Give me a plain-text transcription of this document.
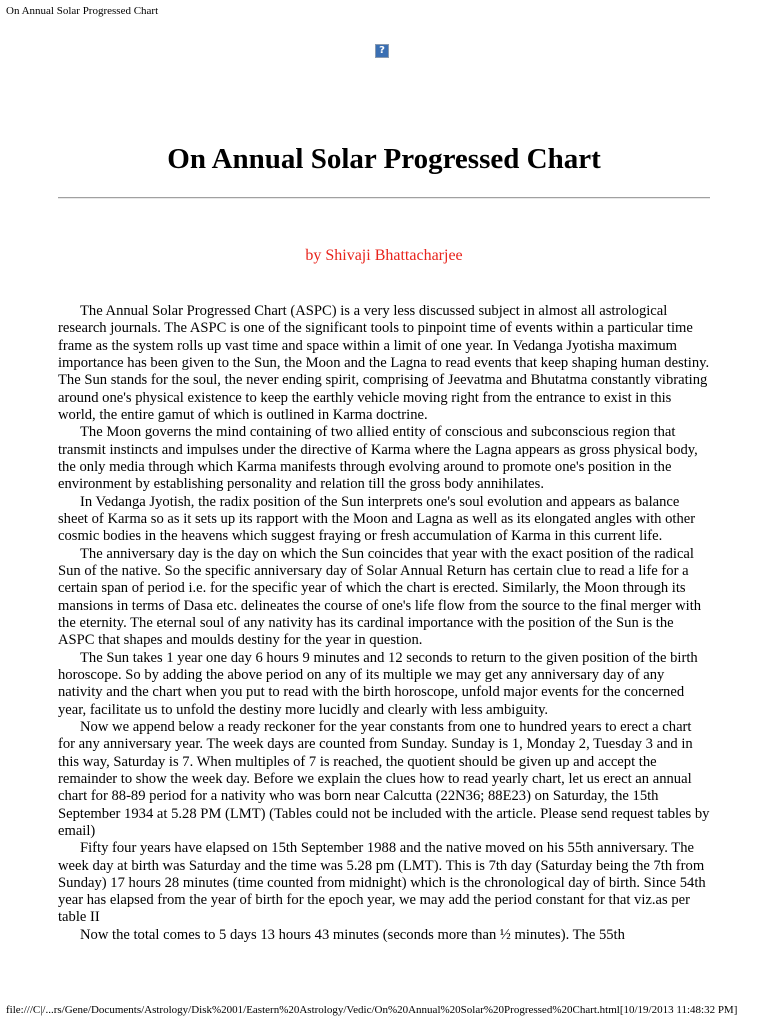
On Annual Solar Progressed Chart
?
On Annual Solar Progressed Chart
by Shivaji Bhattacharjee

The Annual Solar Progressed Chart (ASPC) is a very less discussed subject in almost all astrological research journals. The ASPC is one of the significant tools to pinpoint time of events within a particular time frame as the system rolls up vast time and space within a limit of one year. In Vedanga Jyotisha maximum importance has been given to the Sun, the Moon and the Lagna to read events that keep shaping human destiny. The Sun stands for the soul, the never ending spirit, comprising of Jeevatma and Bhutatma constantly vibrating around one's physical existence to keep the earthly vehicle moving right from the entrance to exist in this world, the entire gamut of which is outlined in Karma doctrine.

The Moon governs the mind containing of two allied entity of conscious and subconscious region that transmit instincts and impulses under the directive of Karma where the Lagna appears as gross physical body, the only media through which Karma manifests through evolving around to promote one's position in the environment by establishing personality and relation till the gross body annihilates.

In Vedanga Jyotish, the radix position of the Sun interprets one's soul evolution and appears as balance sheet of Karma so as it sets up its rapport with the Moon and Lagna as well as its elongated angles with other cosmic bodies in the heavens which suggest fraying or fresh accumulation of Karma in this current life.

The anniversary day is the day on which the Sun coincides that year with the exact position of the radical Sun of the native. So the specific anniversary day of Solar Annual Return has certain clue to read a life for a certain span of period i.e. for the specific year of which the chart is erected. Similarly, the Moon through its mansions in terms of Dasa etc. delineates the course of one's life flow from the source to the final merger with the eternity. The eternal soul of any nativity has its cardinal importance with the position of the Sun is the ASPC that shapes and moulds destiny for the year in question.

The Sun takes 1 year one day 6 hours 9 minutes and 12 seconds to return to the given position of the birth horoscope. So by adding the above period on any of its multiple we may get any anniversary day of any nativity and the chart when you put to read with the birth horoscope, unfold major events for the concerned year, facilitate us to unfold the destiny more lucidly and clearly with less ambiguity.

Now we append below a ready reckoner for the year constants from one to hundred years to erect a chart for any anniversary year. The week days are counted from Sunday. Sunday is 1, Monday 2, Tuesday 3 and in this way, Saturday is 7. When multiples of 7 is reached, the quotient should be given up and accept the remainder to show the week day. Before we explain the clues how to read yearly chart, let us erect an annual chart for 88-89 period for a nativity who was born near Calcutta (22N36; 88E23) on Saturday, the 15th September 1934 at 5.28 PM (LMT) (Tables could not be included with the article. Please send request tables by email)

Fifty four years have elapsed on 15th September 1988 and the native moved on his 55th anniversary. The week day at birth was Saturday and the time was 5.28 pm (LMT). This is 7th day (Saturday being the 7th from Sunday) 17 hours 28 minutes (time counted from midnight) which is the chronological day of birth. Since 54th year has elapsed from the year of birth for the epoch year, we may add the period constant for that viz.as per table II

Now the total comes to 5 days 13 hours 43 minutes (seconds more than ½ minutes). The 55th

file:///C|/...rs/Gene/Documents/Astrology/Disk%2001/Eastern%20Astrology/Vedic/On%20Annual%20Solar%20Progressed%20Chart.html[10/19/2013 11:48:32 PM]
